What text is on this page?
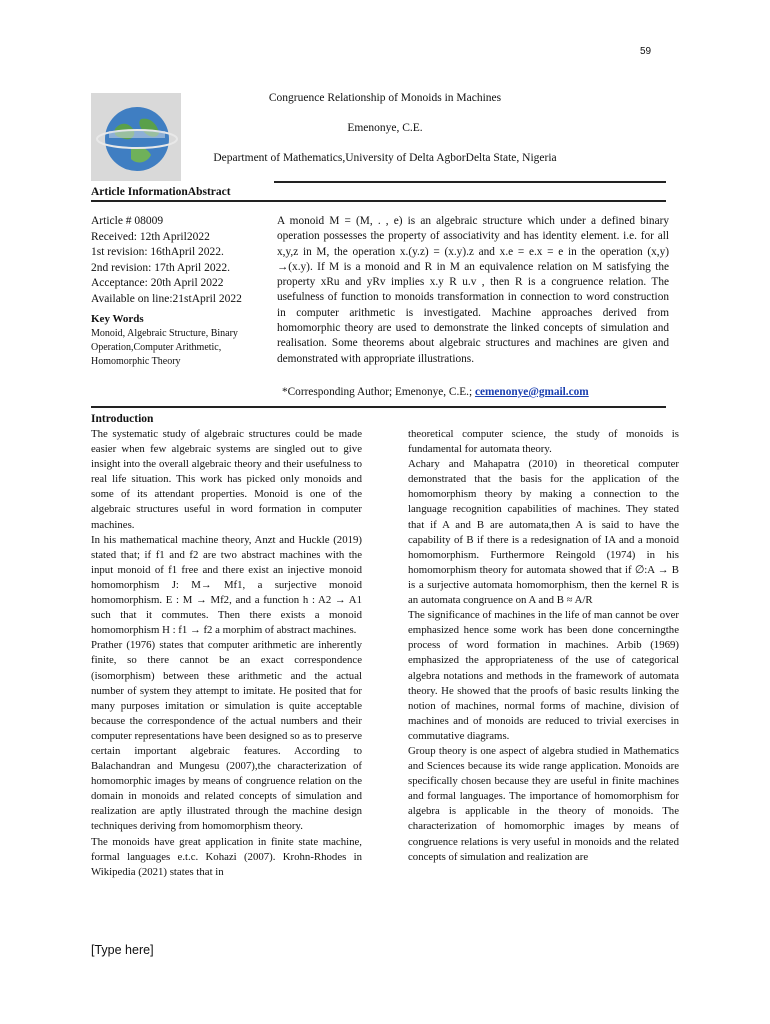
59
Congruence Relationship of Monoids in Machines
Emenonye, C.E.
Department of Mathematics,University of Delta AgborDelta State, Nigeria
Article InformationAbstract
Article # 08009
Received: 12th April2022
1st revision: 16thApril 2022.
2nd revision: 17th April 2022.
Acceptance: 20th April 2022
Available on line:21stApril 2022
Key Words
Monoid, Algebraic Structure, Binary Operation,Computer Arithmetic, Homomorphic Theory
A monoid M = (M, . , e) is an algebraic structure which under a defined binary operation possesses the property of associativity and has identity element. i.e. for all x,y,z in M, the operation x.(y.z) = (x.y).z and x.e = e.x = e in the operation (x,y) →(x.y). If M is a monoid and R in M an equivalence relation on M satisfying the property xRu and yRv implies x.y R u.v , then R is a congruence relation. The usefulness of function to monoids transformation in connection to word construction in computer arithmetic is investigated. Machine approaches derived from homomorphic theory are used to demonstrate the linked concepts of simulation and realisation. Some theorems about algebraic structures and machines are given and demonstrated with appropriate illustrations.
*Corresponding Author; Emenonye, C.E.; cemenonye@gmail.com
Introduction

The systematic study of algebraic structures could be made easier when few algebraic systems are singled out to give insight into the overall algebraic theory and their usefulness to real life situation. This work has picked only monoids and some of its attendant properties. Monoid is one of the algebraic structures useful in word formation in computer machines.

In his mathematical machine theory, Anzt and Huckle (2019) stated that; if f1 and f2 are two abstract machines with the input monoid of f1 free and there exist an injective monoid homomorphism J: M→ Mf1, a surjective monoid homomorphism. E : M → Mf2, and a function h : A2 → A1 such that it commutes. Then there exists a monoid homomorphism H : f1 → f2 a morphim of abstract machines.

Prather (1976) states that computer arithmetic are inherently finite, so there cannot be an exact correspondence (isomorphism) between these arithmetic and the actual number of system they attempt to imitate. He posited that for many purposes imitation or simulation is quite acceptable because the correspondence of the actual numbers and their computer representations have been designed so as to preserve certain important algebraic features. According to Balachandran and Mungesu (2007),the characterization of homomorphic images by means of congruence relation on the domain in monoids and related concepts of simulation and realization are aptly illustrated through the machine design techniques deriving from homomorphism theory.

The monoids have great application in finite state machine, formal languages e.t.c. Kohazi (2007). Krohn-Rhodes in Wikipedia (2021) states that in

theoretical computer science, the study of monoids is fundamental for automata theory.

Achary and Mahapatra (2010) in theoretical computer demonstrated that the basis for the application of the homomorphism theory by making a connection to the language recognition capabilities of machines. They stated that if A and B are automata,then A is said to have the capability of B if there is a redesignation of IA and a monoid homomorphism. Furthermore Reingold (1974) in his homomorphism theory for automata showed that if ∅:A → B is a surjective automata homomorphism, then the kernel R is an automata congruence on A and B ≈ A/R

The significance of machines in the life of man cannot be over emphasized hence some work has been done concerningthe process of word formation in machines. Arbib (1969) emphasized the appropriateness of the use of categorical algebra notations and methods in the framework of automata theory. He showed that the proofs of basic results linking the notion of machines, normal forms of machine, division of machines and of monoids are reduced to trivial exercises in commutative diagrams.

Group theory is one aspect of algebra studied in Mathematics and Sciences because its wide range application. Monoids are specifically chosen because they are useful in finite machines and formal languages. The importance of homomorphism for algebra is applicable in the theory of monoids. The characterization of homomorphic images by means of congruence relations is very useful in monoids and the related concepts of simulation and realization are

[Type here]
